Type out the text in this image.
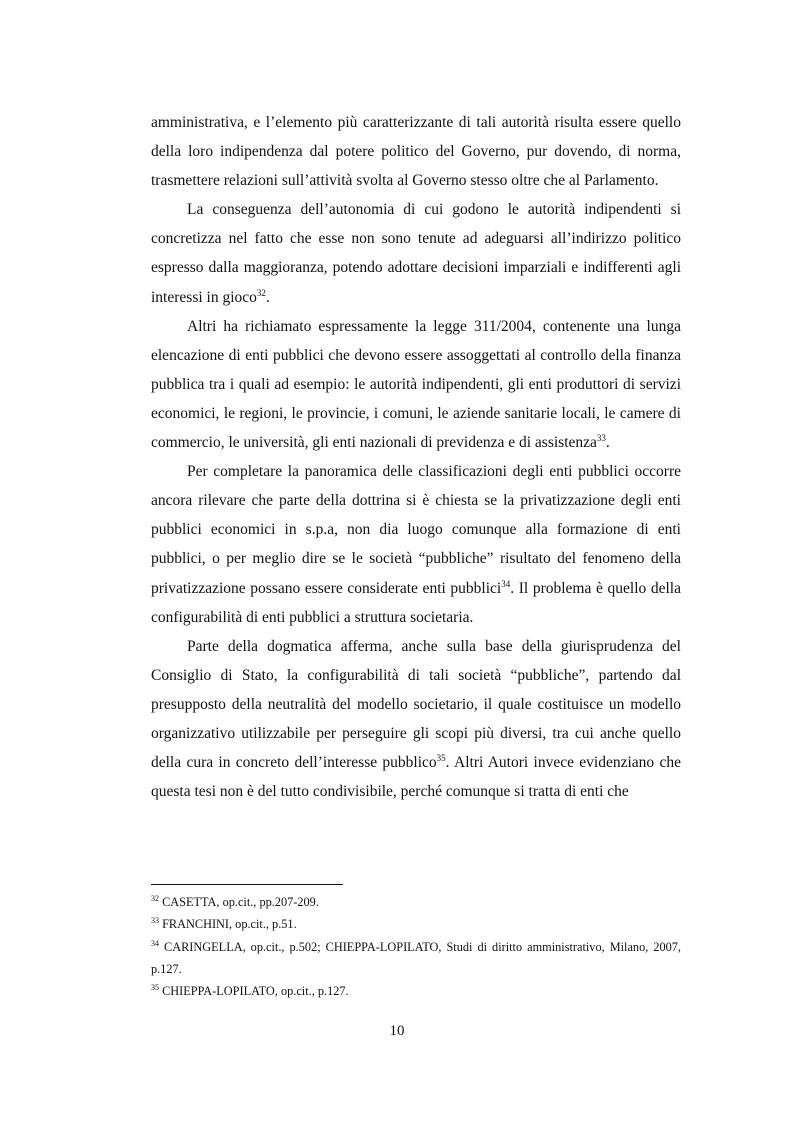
amministrativa, e l’elemento più caratterizzante di tali autorità risulta essere quello della loro indipendenza dal potere politico del Governo, pur dovendo, di norma, trasmettere relazioni sull’attività svolta al Governo stesso oltre che al Parlamento.

La conseguenza dell’autonomia di cui godono le autorità indipendenti si concretizza nel fatto che esse non sono tenute ad adeguarsi all’indirizzo politico espresso dalla maggioranza, potendo adottare decisioni imparziali e indifferenti agli interessi in gioco$^{32}$.

Altri ha richiamato espressamente la legge 311/2004, contenente una lunga elencazione di enti pubblici che devono essere assoggettati al controllo della finanza pubblica tra i quali ad esempio: le autorità indipendenti, gli enti produttori di servizi economici, le regioni, le provincie, i comuni, le aziende sanitarie locali, le camere di commercio, le università, gli enti nazionali di previdenza e di assistenza$^{33}$.

Per completare la panoramica delle classificazioni degli enti pubblici occorre ancora rilevare che parte della dottrina si è chiesta se la privatizzazione degli enti pubblici economici in s.p.a, non dia luogo comunque alla formazione di enti pubblici, o per meglio dire se le società “pubbliche” risultato del fenomeno della privatizzazione possano essere considerate enti pubblici$^{34}$. Il problema è quello della configurabilità di enti pubblici a struttura societaria.

Parte della dogmatica afferma, anche sulla base della giurisprudenza del Consiglio di Stato, la configurabilità di tali società “pubbliche”, partendo dal presupposto della neutralità del modello societario, il quale costituisce un modello organizzativo utilizzabile per perseguire gli scopi più diversi, tra cui anche quello della cura in concreto dell’interesse pubblico$^{35}$. Altri Autori invece evidenziano che questa tesi non è del tutto condivisibile, perché comunque si tratta di enti che

$^{32}$ CASETTA, op.cit., pp.207-209.

$^{33}$ FRANCHINI, op.cit., p.51.

$^{34}$ CARINGELLA, op.cit., p.502; CHIEPPA-LOPILATO, Studi di diritto amministrativo, Milano, 2007, p.127.

$^{35}$ CHIEPPA-LOPILATO, op.cit., p.127.

10
